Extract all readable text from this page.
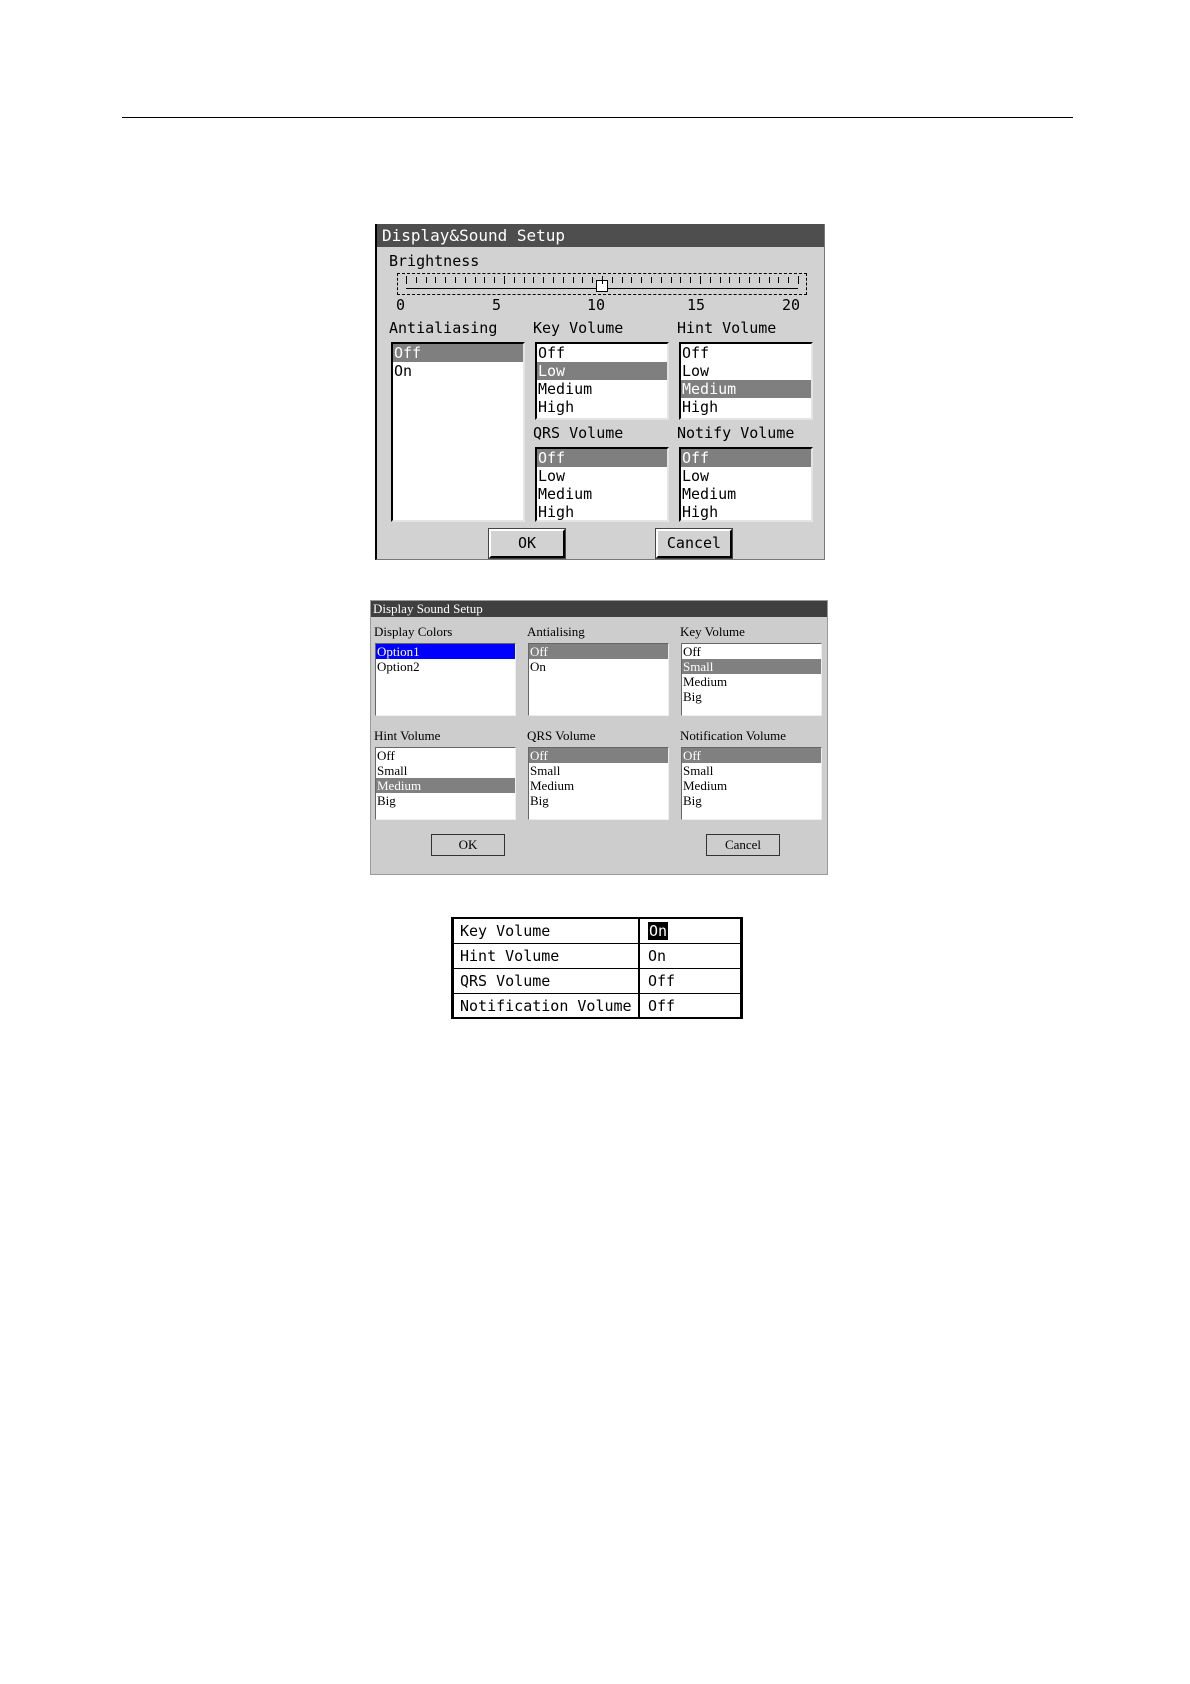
Display&Sound Setup
Brightness
0	5	10	15	20
Antialiasing Key Volume	Hint Volume
Off
On
Off
Low
Medium
High
Off
Low
Medium
High
QRS Volume	Notify Volume
Off
Low
Medium
High
Off
Low
Medium
High
OK	Cancel
Display Sound Setup
Display Colors	Antialising	Key Volume
Option1
Option2
Off
On
Off
Small
Medium
Big
Hint Volume	QRS Volume	Notification Volume
Off
Small
Medium
Big
Off
Small
Medium
Big
Off
Small
Medium
Big
OK	Cancel
Key Volume	On
Hint Volume	On
QRS Volume	Off
Notification Volume	Off
